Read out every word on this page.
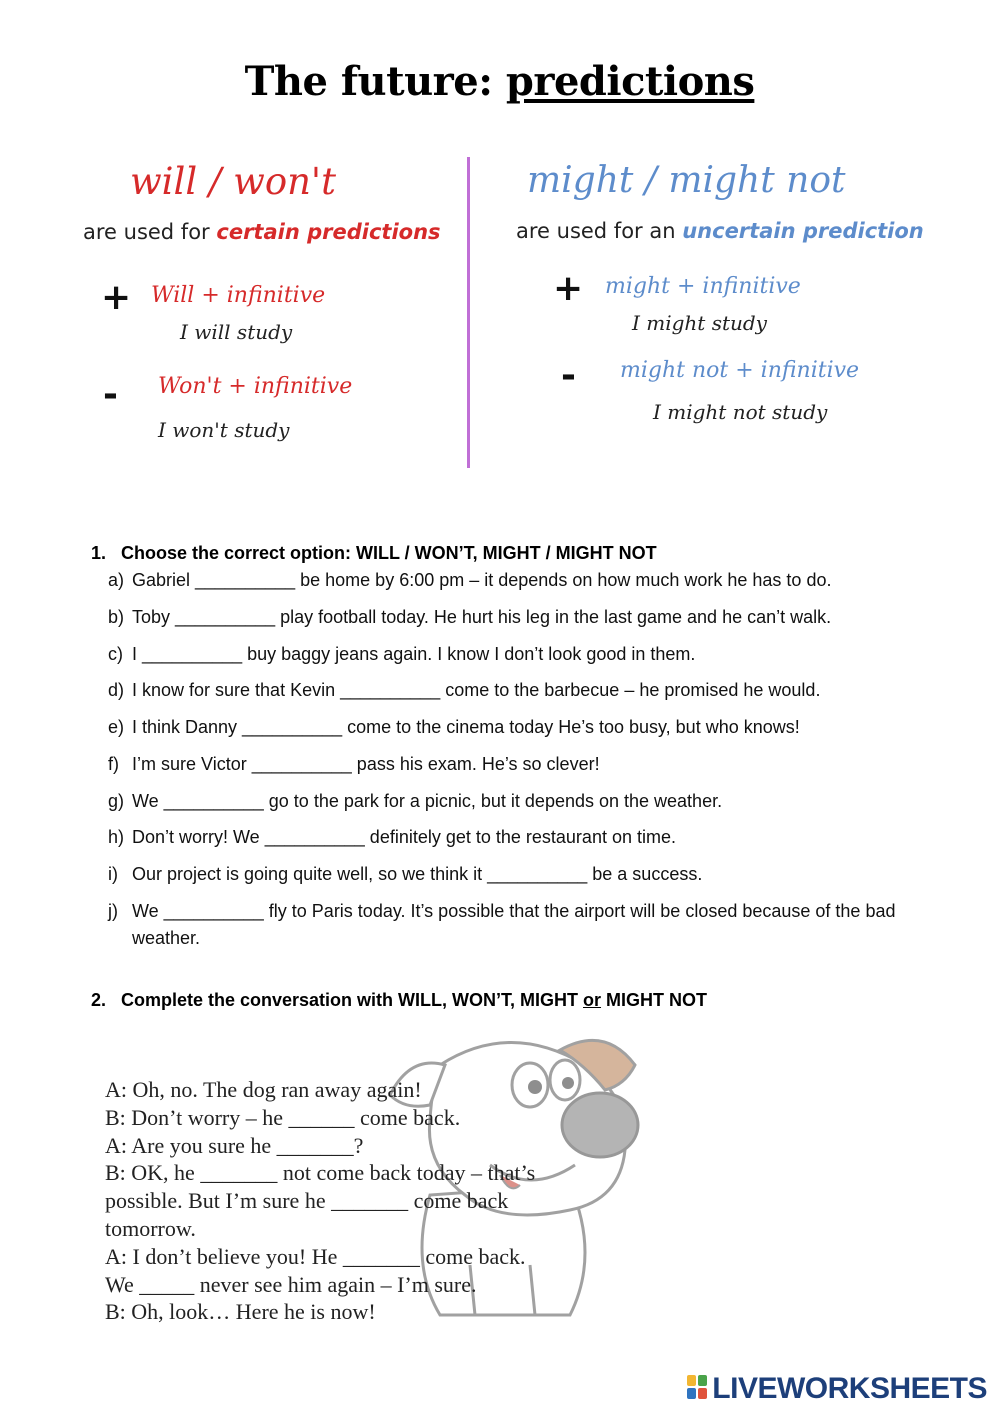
The future: predictions
will / won't
are used for certain predictions
+ Will + infinitive
I will study
- Won't + infinitive
I won't study
might / might not
are used for an uncertain prediction
+ might + infinitive
I might study
- might not + infinitive
I might not study
1. Choose the correct option: WILL / WON’T, MIGHT / MIGHT NOT
a) Gabriel __________ be home by 6:00 pm – it depends on how much work he has to do.
b) Toby __________ play football today. He hurt his leg in the last game and he can’t walk.
c) I __________ buy baggy jeans again. I know I don’t look good in them.
d) I know for sure that Kevin __________ come to the barbecue – he promised he would.
e) I think Danny __________ come to the cinema today He’s too busy, but who knows!
f) I’m sure Victor __________ pass his exam. He’s so clever!
g) We __________ go to the park for a picnic, but it depends on the weather.
h) Don’t worry! We __________ definitely get to the restaurant on time.
i) Our project is going quite well, so we think it __________ be a success.
j) We __________ fly to Paris today. It’s possible that the airport will be closed because of the bad weather.
2. Complete the conversation with WILL, WON’T, MIGHT or MIGHT NOT
A: Oh, no. The dog ran away again!
B: Don’t worry – he ______ come back.
A: Are you sure he _______?
B: OK, he _______ not come back today – that’s
possible. But I’m sure he _______ come back
tomorrow.
A: I don’t believe you! He _______ come back.
We _____ never see him again – I’m sure.
B: Oh, look… Here he is now!
LIVEWORKSHEETS
